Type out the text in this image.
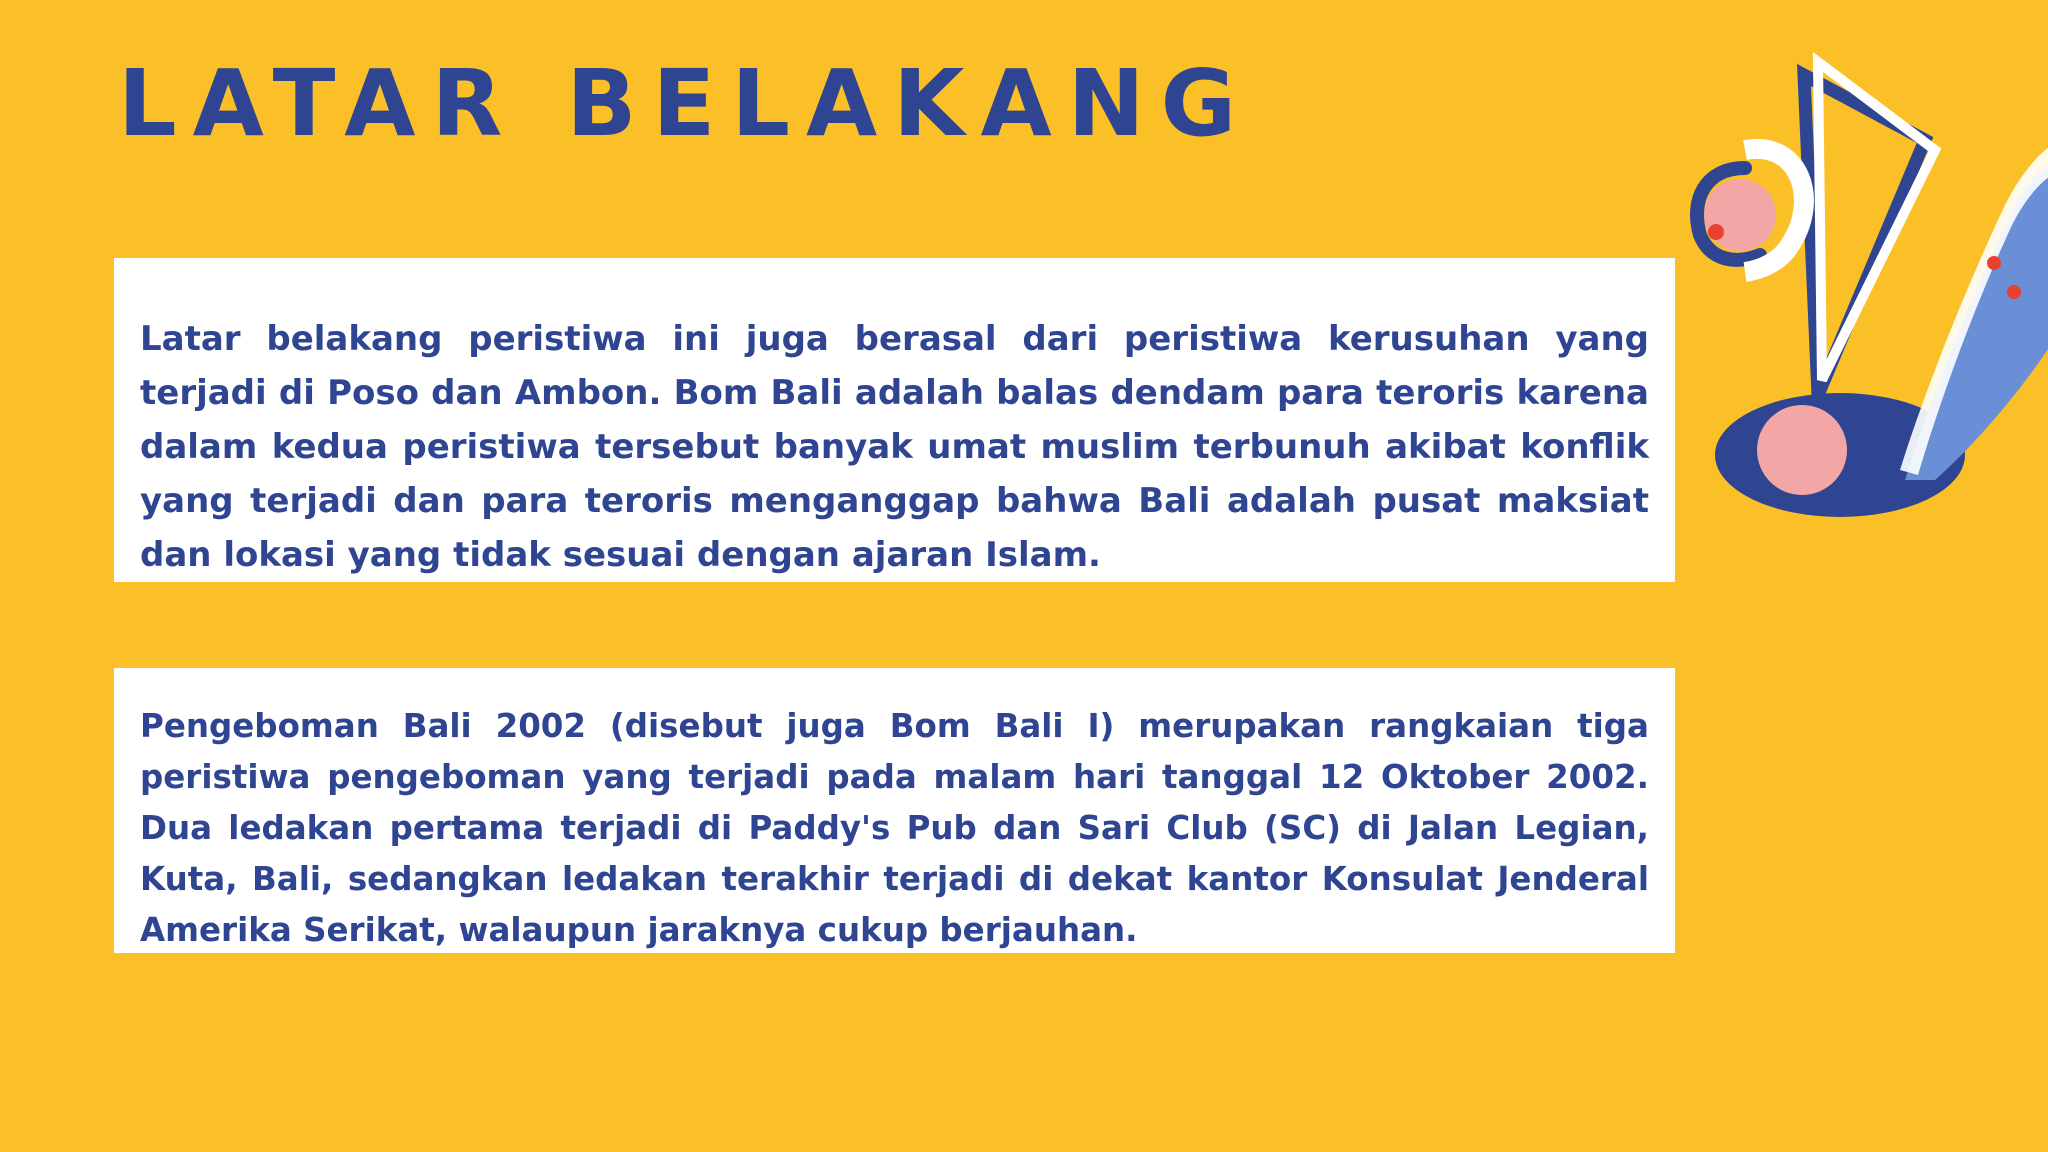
LATAR BELAKANG

Latar belakang peristiwa ini juga berasal dari peristiwa kerusuhan yang terjadi di Poso dan Ambon. Bom Bali adalah balas dendam para teroris karena dalam kedua peristiwa tersebut banyak umat muslim terbunuh akibat konflik yang terjadi dan para teroris menganggap bahwa Bali adalah pusat maksiat dan lokasi yang tidak sesuai dengan ajaran Islam.

Pengeboman Bali 2002 (disebut juga Bom Bali I) merupakan rangkaian tiga peristiwa pengeboman yang terjadi pada malam hari tanggal 12 Oktober 2002. Dua ledakan pertama terjadi di Paddy's Pub dan Sari Club (SC) di Jalan Legian, Kuta, Bali, sedangkan ledakan terakhir terjadi di dekat kantor Konsulat Jenderal Amerika Serikat, walaupun jaraknya cukup berjauhan.
